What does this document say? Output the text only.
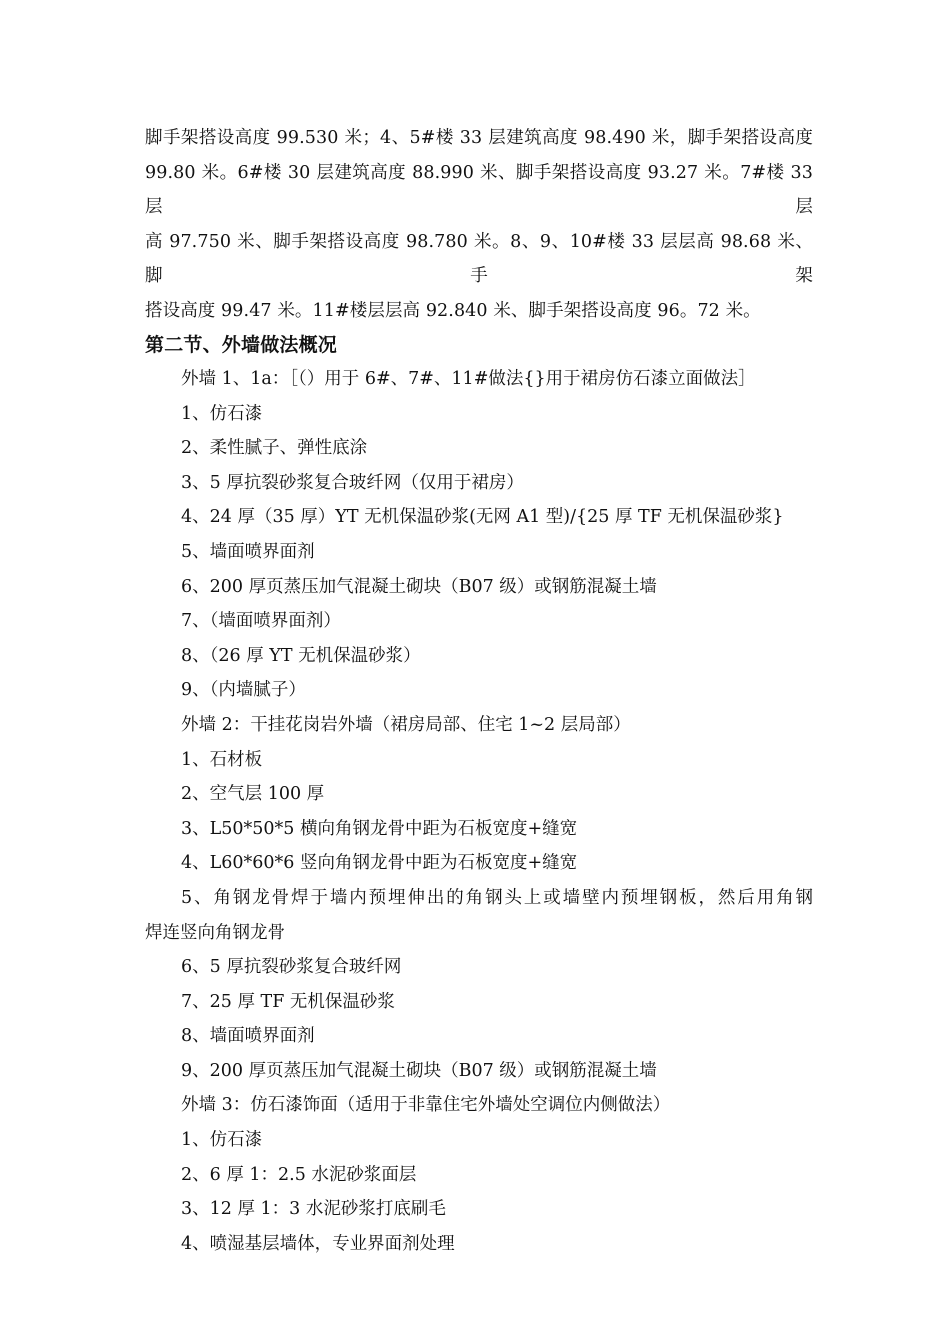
脚手架搭设高度 99.530 米；4、5#楼 33 层建筑高度 98.490 米，脚手架搭设高度

99.80 米。6#楼 30 层建筑高度 88.990 米、脚手架搭设高度 93.27 米。7#楼 33 层层

高 97.750 米、脚手架搭设高度 98.780 米。8、9、10#楼 33 层层高 98.68 米、脚手架

搭设高度 99.47 米。11#楼层层高 92.840 米、脚手架搭设高度 96。72 米。

第二节、外墙做法概况

外墙 1、1a：［（）用于 6#、7#、11#做法{}用于裙房仿石漆立面做法］

1、仿石漆

2、柔性腻子、弹性底涂

3、5 厚抗裂砂浆复合玻纤网（仅用于裙房）

4、24 厚（35 厚）YT 无机保温砂浆(无网 A1 型)/{25 厚 TF 无机保温砂浆}

5、墙面喷界面剂

6、200 厚页蒸压加气混凝土砌块（B07 级）或钢筋混凝土墙

7、（墙面喷界面剂）

8、（26 厚 YT 无机保温砂浆）

9、（内墙腻子）

外墙 2：干挂花岗岩外墙（裙房局部、住宅 1~2 层局部）

1、石材板

2、空气层 100 厚

3、L50*50*5 横向角钢龙骨中距为石板宽度+缝宽

4、L60*60*6 竖向角钢龙骨中距为石板宽度+缝宽

5、角钢龙骨焊于墙内预埋伸出的角钢头上或墙壁内预埋钢板，然后用角钢

焊连竖向角钢龙骨

6、5 厚抗裂砂浆复合玻纤网

7、25 厚 TF 无机保温砂浆

8、墙面喷界面剂

9、200 厚页蒸压加气混凝土砌块（B07 级）或钢筋混凝土墙

外墙 3：仿石漆饰面（适用于非靠住宅外墙处空调位内侧做法）

1、仿石漆

2、6 厚 1：2.5 水泥砂浆面层

3、12 厚 1：3 水泥砂浆打底刷毛

4、喷湿基层墙体，专业界面剂处理
